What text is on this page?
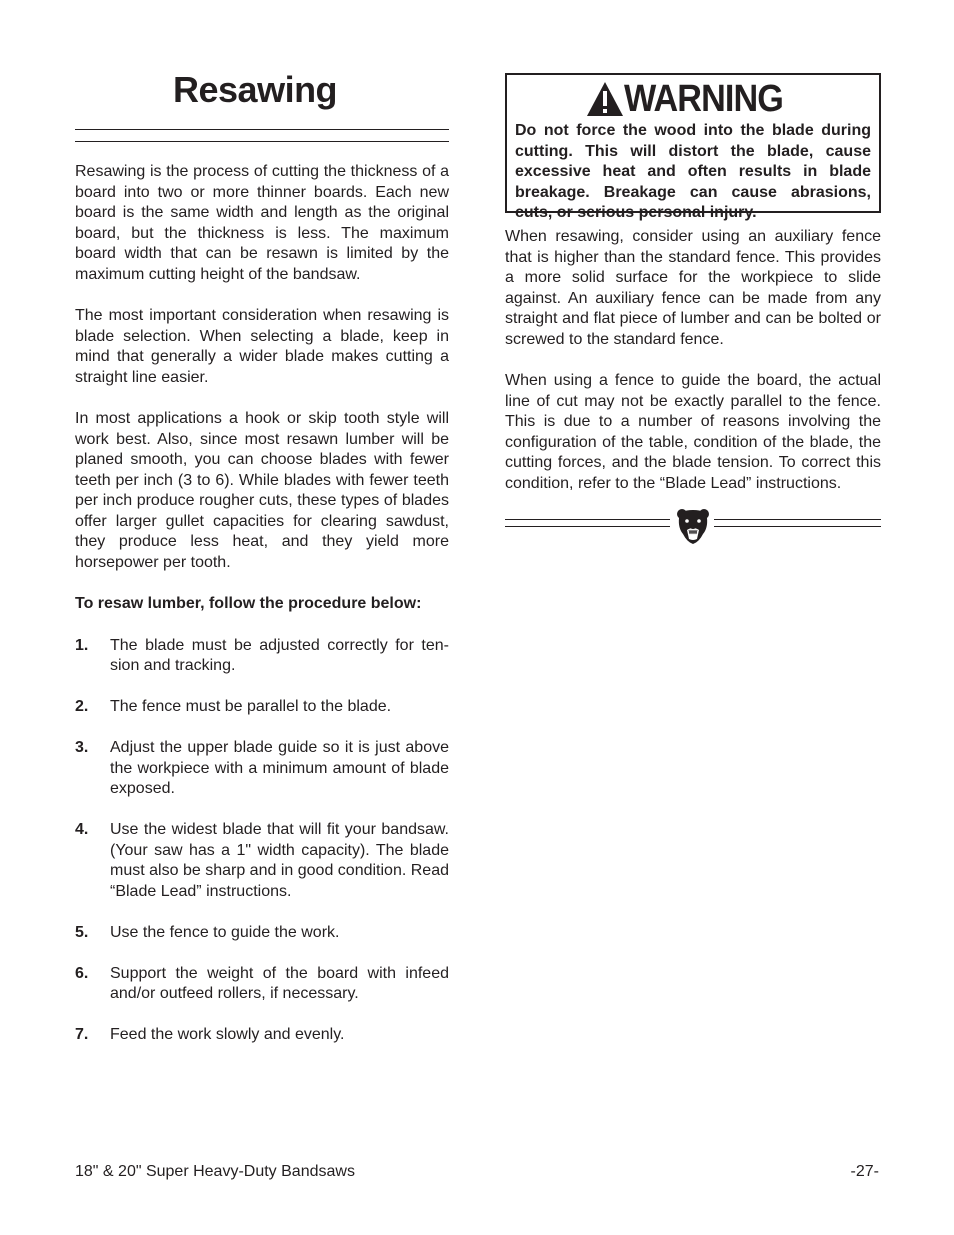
Resawing

Resawing is the process of cutting the thickness of a board into two or more thinner boards. Each new board is the same width and length as the original board, but the thickness is less. The maximum board width that can be resawn is limited by the maximum cutting height of the bandsaw.

The most important consideration when resawing is blade selection. When selecting a blade, keep in mind that generally a wider blade makes cutting a straight line easier.

In most applications a hook or skip tooth style will work best. Also, since most resawn lumber will be planed smooth, you can choose blades with fewer teeth per inch (3 to 6). While blades with fewer teeth per inch produce rougher cuts, these types of blades offer larger gullet capacities for clearing sawdust, they produce less heat, and they yield more horsepower per tooth.

To resaw lumber, follow the procedure below:

1.	The blade must be adjusted correctly for tension and tracking.
2.	The fence must be parallel to the blade.
3.	Adjust the upper blade guide so it is just above the workpiece with a minimum amount of blade exposed.
4.	Use the widest blade that will fit your bandsaw. (Your saw has a 1" width capacity). The blade must also be sharp and in good condition. Read “Blade Lead” instructions.
5.	Use the fence to guide the work.
6.	Support the weight of the board with infeed and/or outfeed rollers, if necessary.
7.	Feed the work slowly and evenly.
WARNING

Do not force the wood into the blade during cutting. This will distort the blade, cause excessive heat and often results in blade breakage. Breakage can cause abrasions, cuts, or serious personal injury.

When resawing, consider using an auxiliary fence that is higher than the standard fence. This provides a more solid surface for the workpiece to slide against. An auxiliary fence can be made from any straight and flat piece of lumber and can be bolted or screwed to the standard fence.

When using a fence to guide the board, the actual line of cut may not be exactly parallel to the fence. This is due to a number of reasons involving the configuration of the table, condition of the blade, the cutting forces, and the blade tension. To correct this condition, refer to the “Blade Lead” instructions.

18" & 20" Super Heavy-Duty Bandsaws	-27-
